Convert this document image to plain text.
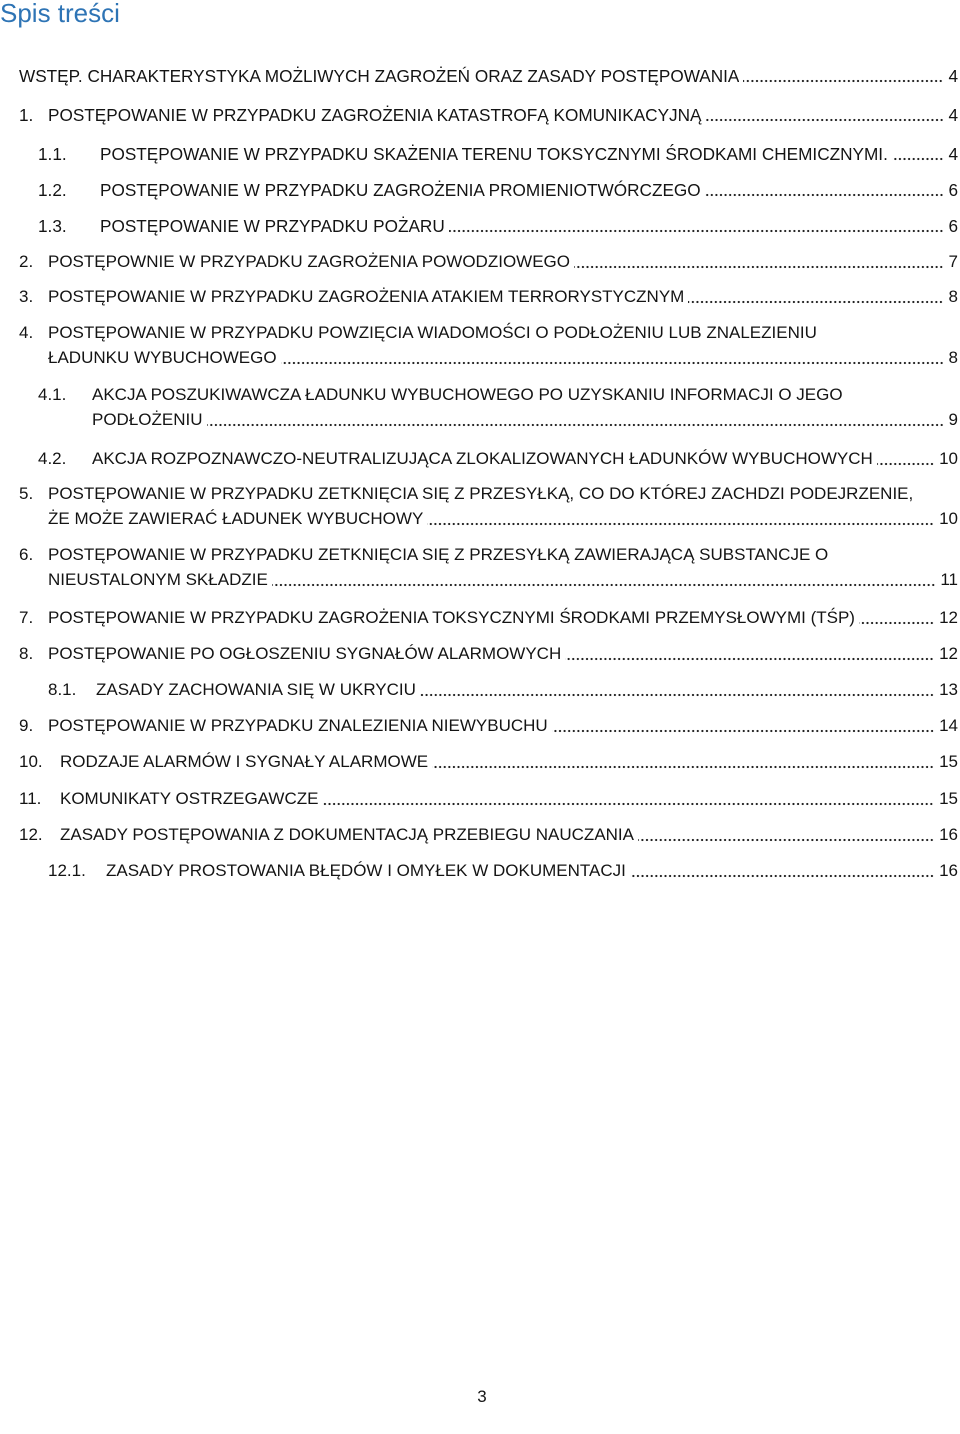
Spis treści
WSTĘP. CHARAKTERYSTYKA MOŻLIWYCH ZAGROŻEŃ ORAZ ZASADY POSTĘPOWANIA	4
1. POSTĘPOWANIE W PRZYPADKU ZAGROŻENIA KATASTROFĄ KOMUNIKACYJNĄ	4
1.1.	POSTĘPOWANIE W PRZYPADKU SKAŻENIA TERENU TOKSYCZNYMI ŚRODKAMI CHEMICZNYMI.	4
1.2.	POSTĘPOWANIE W PRZYPADKU ZAGROŻENIA PROMIENIOTWÓRCZEGO	6
1.3.	POSTĘPOWANIE W PRZYPADKU POŻARU	6
2. POSTĘPOWNIE W PRZYPADKU ZAGROŻENIA POWODZIOWEGO	7
3. POSTĘPOWANIE W PRZYPADKU ZAGROŻENIA ATAKIEM TERRORYSTYCZNYM	8
4. POSTĘPOWANIE W PRZYPADKU POWZIĘCIA WIADOMOŚCI O PODŁOŻENIU LUB ZNALEZIENIU
ŁADUNKU WYBUCHOWEGO	8
4.1.	AKCJA POSZUKIWAWCZA ŁADUNKU WYBUCHOWEGO PO UZYSKANIU INFORMACJI O JEGO
PODŁOŻENIU	9
4.2.	AKCJA ROZPOZNAWCZO-NEUTRALIZUJĄCA ZLOKALIZOWANYCH ŁADUNKÓW WYBUCHOWYCH	10
5. POSTĘPOWANIE W PRZYPADKU ZETKNIĘCIA SIĘ Z PRZESYŁKĄ, CO DO KTÓREJ ZACHDZI PODEJRZENIE,
ŻE MOŻE ZAWIERAĆ ŁADUNEK WYBUCHOWY	10
6. POSTĘPOWANIE W PRZYPADKU ZETKNIĘCIA SIĘ Z PRZESYŁKĄ ZAWIERAJĄCĄ SUBSTANCJE O
NIEUSTALONYM SKŁADZIE	11
7. POSTĘPOWANIE W PRZYPADKU ZAGROŻENIA TOKSYCZNYMI ŚRODKAMI PRZEMYSŁOWYMI (TŚP)	12
8. POSTĘPOWANIE PO OGŁOSZENIU SYGNAŁÓW ALARMOWYCH	12
8.1.	ZASADY ZACHOWANIA SIĘ W UKRYCIU	13
9. POSTĘPOWANIE W PRZYPADKU ZNALEZIENIA NIEWYBUCHU	14
10.	RODZAJE ALARMÓW I SYGNAŁY ALARMOWE	15
11.	KOMUNIKATY OSTRZEGAWCZE	15
12.	ZASADY POSTĘPOWANIA Z DOKUMENTACJĄ PRZEBIEGU NAUCZANIA	16
12.1.	ZASADY PROSTOWANIA BŁĘDÓW I OMYŁEK W DOKUMENTACJI	16
3
